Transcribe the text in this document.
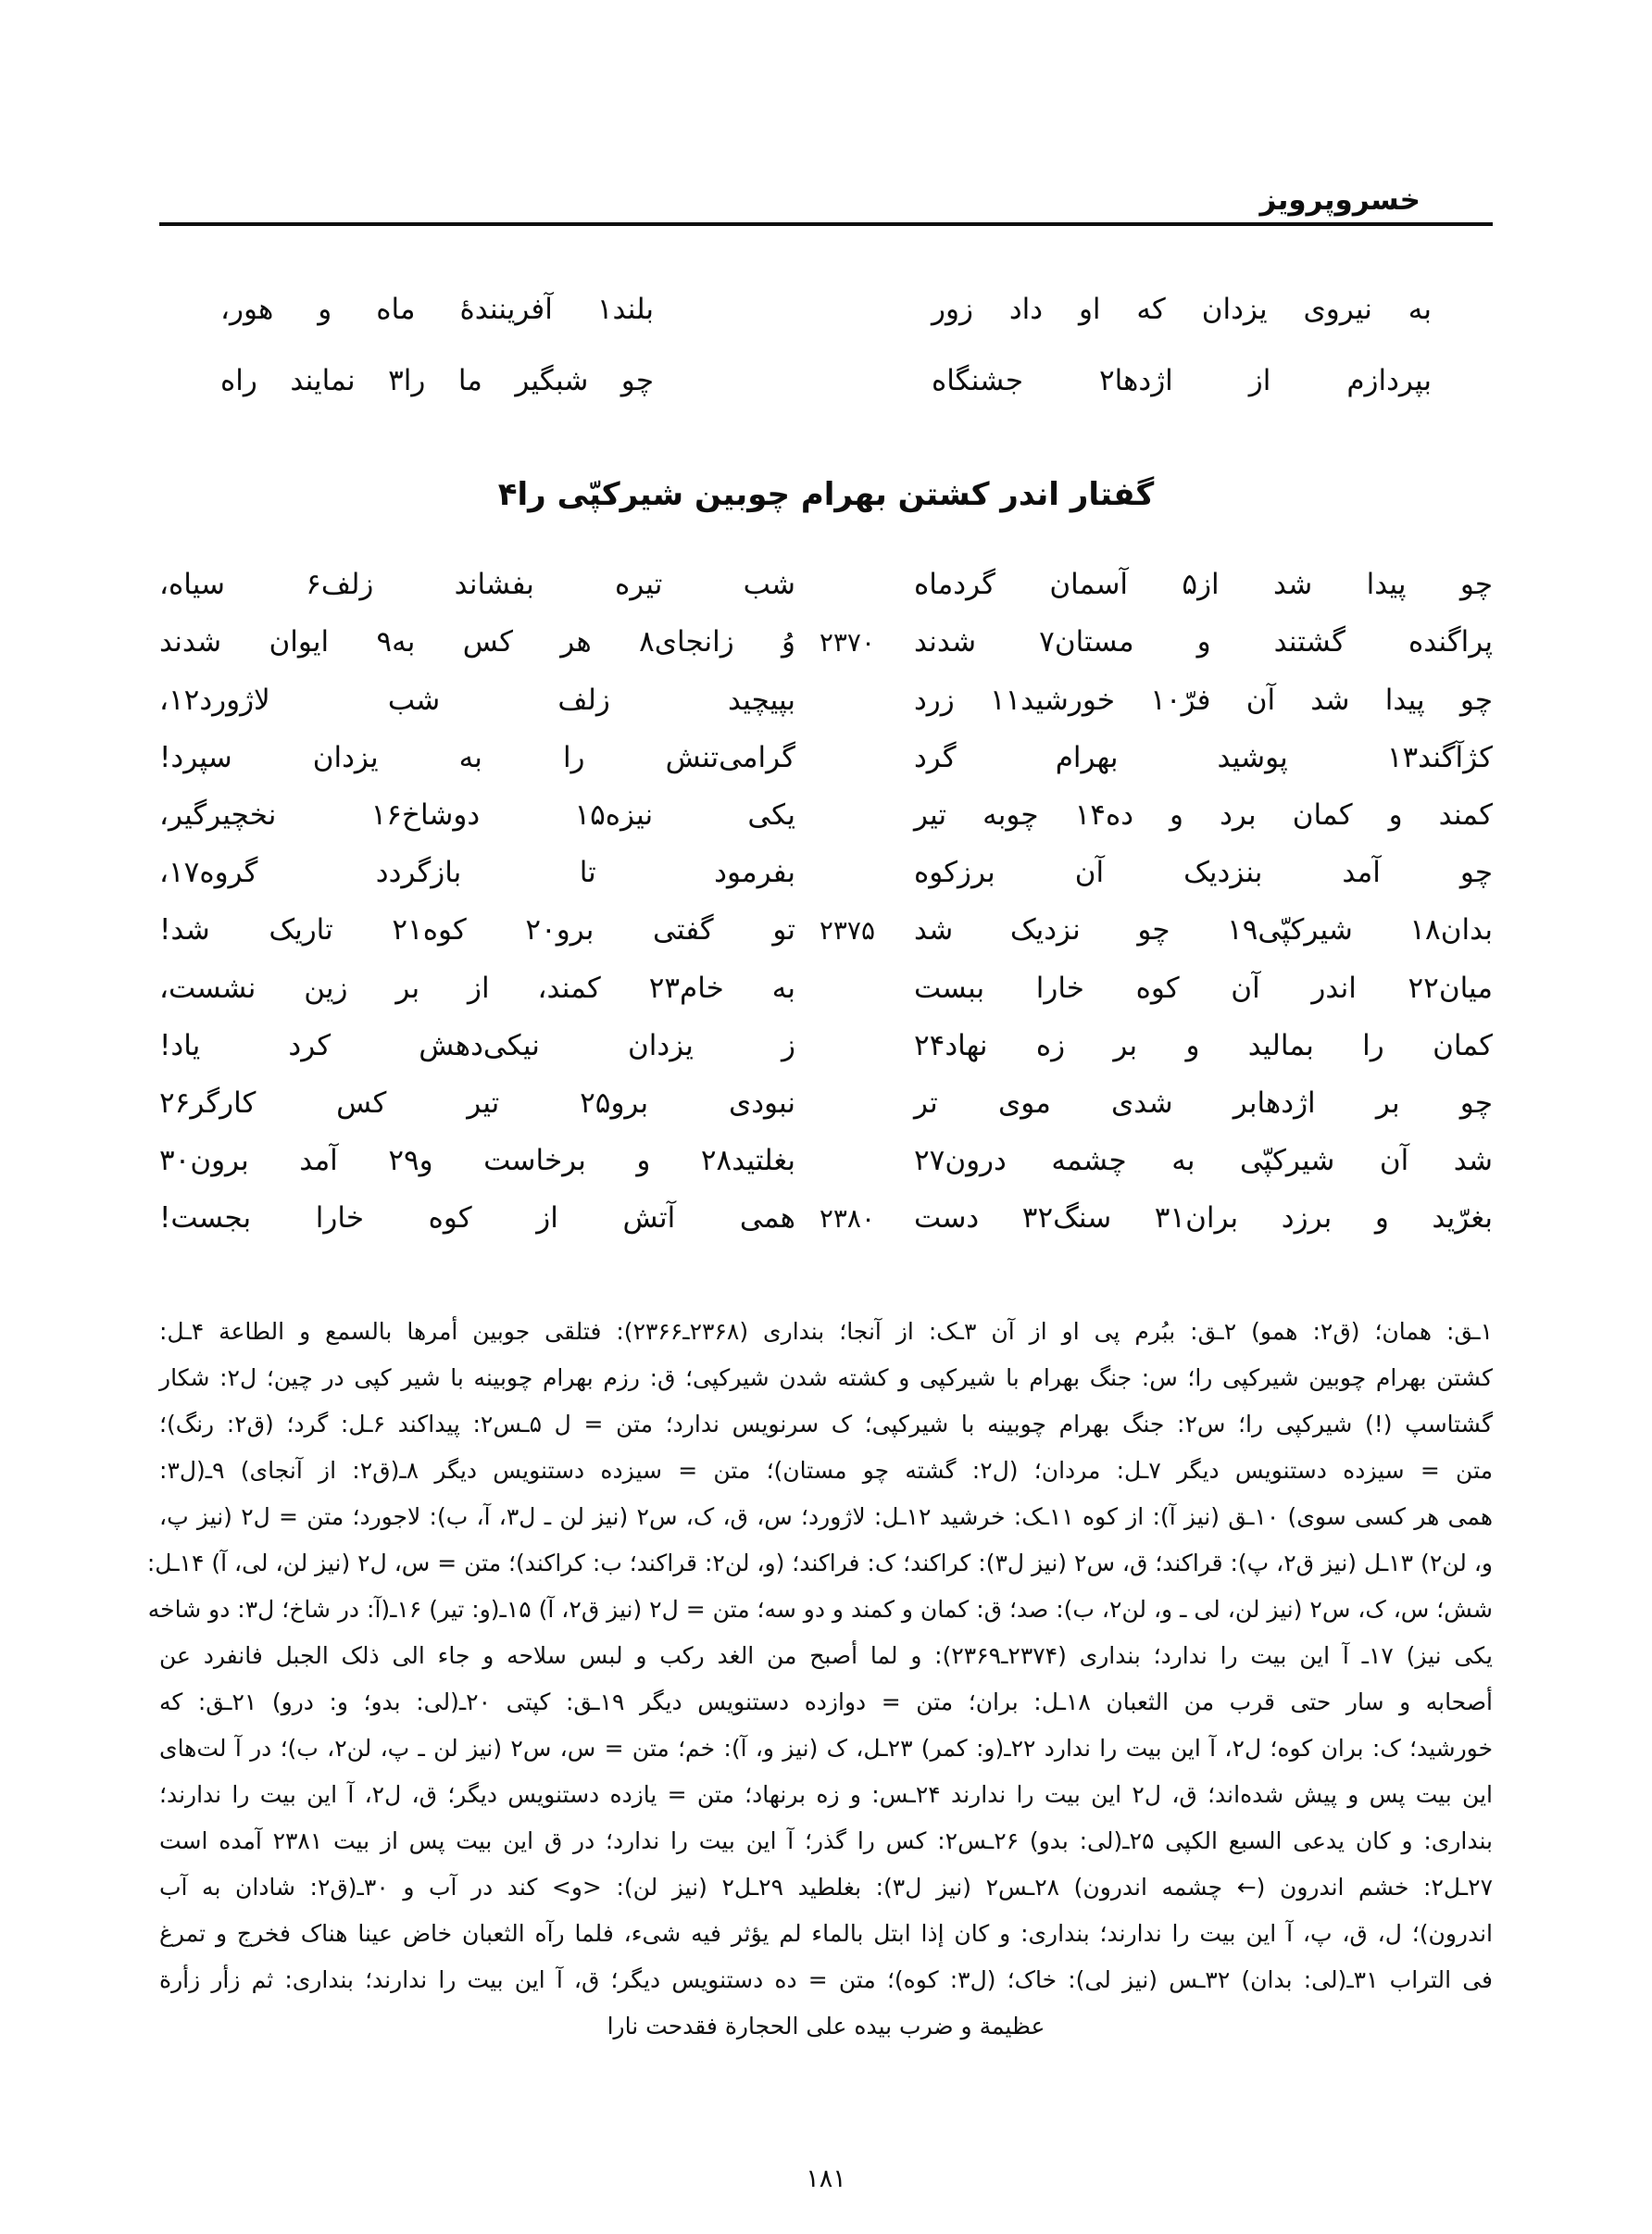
خسروپرویز
به نیروی یزدان که او داد زور
بلند۱ آفرینندهٔ ماه و هور،
بپردازم از اژدها۲ جشنگاه
چو شبگیر ما را۳ نمایند راه
گفتار اندر کشتن بهرام چوبین شیرکپّی را۴
چو پیدا شد از۵ آسمان گردماه
شب تیره بفشاند زلف۶ سیاه،
پراگنده گشتند و مستان۷ شدند
۲۳۷۰
وُ زانجای۸ هر کس به۹ ایوان شدند
چو پیدا شد آن فرّ۱۰ خورشید۱۱ زرد
بپیچید زلف شب لاژورد۱۲،
کژآگند۱۳ پوشید بهرام گرد
گرامی‌تنش را به یزدان سپرد!
کمند و کمان برد و ده۱۴ چوبه تیر
یکی نیزه۱۵ دوشاخ۱۶ نخچیرگیر،
چو آمد بنزدیک آن برزکوه
بفرمود تا بازگردد گروه۱۷،
بدان۱۸ شیرکپّی۱۹ چو نزدیک شد
۲۳۷۵
تو گفتی برو۲۰ کوه۲۱ تاریک شد!
میان۲۲ اندر آن کوه خارا ببست
به خام۲۳ کمند، از بر زین نشست،
کمان را بمالید و بر زه نهاد۲۴
ز یزدان نیکی‌دهش کرد یاد!
چو بر اژدهابر شدی موی تر
نبودی برو۲۵ تیر کس کارگر۲۶
شد آن شیرکپّی به چشمه درون۲۷
بغلتید۲۸ و برخاست و۲۹ آمد برون۳۰
بغرّید و برزد بران۳۱ سنگ۳۲ دست
۲۳۸۰
همی آتش از کوه خارا بجست!
۱ـق: همان؛ (ق۲: همو) ۲ـق: ببُرم پی او از آن ۳ـک: از آنجا؛ بنداری (۲۳۶۸ـ۲۳۶۶): فتلقی جوبین أمرها بالسمع و الطاعة ۴ـل:
کشتن بهرام چوبین شیرکپی را؛ س: جنگ بهرام با شیرکپی و کشته شدن شیرکپی؛ ق: رزم بهرام چوبینه با شیر کپی در چین؛ ل۲: شکار
گشتاسپ (!) شیرکپی را؛ س۲: جنگ بهرام چوبینه با شیرکپی؛ ک سرنویس ندارد؛ متن = ل ۵ـس۲: پیداکند ۶ـل: گرد؛ (ق۲: رنگ)؛
متن = سیزده دستنویس دیگر ۷ـل: مردان؛ (ل۲: گشته چو مستان)؛ متن = سیزده دستنویس دیگر ۸ـ(ق۲: از آنجای) ۹ـ(ل۳:
همی هر کسی سوی) ۱۰ـق (نیز آ): از کوه ۱۱ـک: خرشید ۱۲ـل: لاژورد؛ س، ق، ک، س۲ (نیز لن ـ ل۳، آ، ب): لاجورد؛ متن = ل۲ (نیز پ،
و، لن۲) ۱۳ـل (نیز ق۲، پ): قراکند؛ ق، س۲ (نیز ل۳): کراکند؛ ک: فراکند؛ (و، لن۲: قراکند؛ ب: کراکند)؛ متن = س، ل۲ (نیز لن، لی، آ) ۱۴ـل:
شش؛ س، ک، س۲ (نیز لن، لی ـ و، لن۲، ب): صد؛ ق: کمان و کمند و دو سه؛ متن = ل۲ (نیز ق۲، آ) ۱۵ـ(و: تیر) ۱۶ـ(آ: در شاخ؛ ل۳: دو شاخه
یکی نیز) ۱۷ـ آ این بیت را ندارد؛ بنداری (۲۳۷۴ـ۲۳۶۹): و لما أصبح من الغد رکب و لبس سلاحه و جاء الی ذلک الجبل فانفرد عن
أصحابه و سار حتی قرب من الثعبان ۱۸ـل: بران؛ متن = دوازده دستنویس دیگر ۱۹ـق: کپتی ۲۰ـ(لی: بدو؛ و: درو) ۲۱ـق: که
خورشید؛ ک: بران کوه؛ ل۲، آ این بیت را ندارد ۲۲ـ(و: کمر) ۲۳ـل، ک (نیز و، آ): خم؛ متن = س، س۲ (نیز لن ـ پ، لن۲، ب)؛ در آ لت‌های
این بیت پس و پیش شده‌اند؛ ق، ل۲ این بیت را ندارند ۲۴ـس: و زه برنهاد؛ متن = یازده دستنویس دیگر؛ ق، ل۲، آ این بیت را ندارند؛
بنداری: و کان یدعی السبع الکپی ۲۵ـ(لی: بدو) ۲۶ـس۲: کس را گذر؛ آ این بیت را ندارد؛ در ق این بیت پس از بیت ۲۳۸۱ آمده است
۲۷ـل۲: خشم اندرون (← چشمه اندرون) ۲۸ـس۲ (نیز ل۳): بغلطید ۲۹ـل۲ (نیز لن): <و> کند در آب و ۳۰ـ(ق۲: شادان به آب
اندرون)؛ ل، ق، پ، آ این بیت را ندارند؛ بنداری: و کان إذا ابتل بالماء لم یؤثر فیه شیء، فلما رآه الثعبان خاض عینا هناک فخرج و تمرغ
فی التراب ۳۱ـ(لی: بدان) ۳۲ـس (نیز لی): خاک؛ (ل۳: کوه)؛ متن = ده دستنویس دیگر؛ ق، آ این بیت را ندارند؛ بنداری: ثم زأر زأرة
عظیمة و ضرب بیده علی الحجارة فقدحت نارا
۱۸۱
